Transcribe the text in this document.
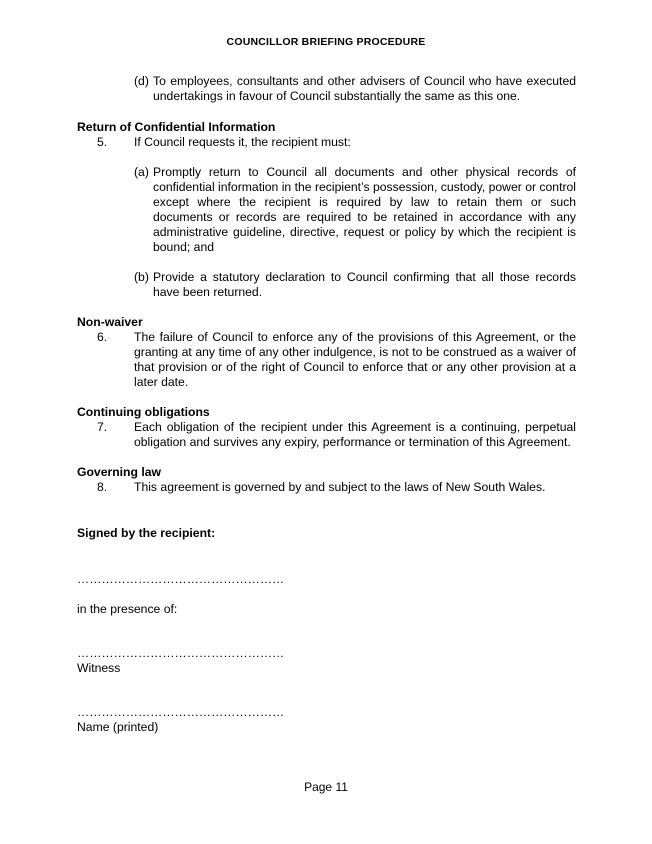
COUNCILLOR BRIEFING PROCEDURE
(d) To employees, consultants and other advisers of Council who have executed undertakings in favour of Council substantially the same as this one.
Return of Confidential Information
5.	If Council requests it, the recipient must:
(a) Promptly return to Council all documents and other physical records of confidential information in the recipient’s possession, custody, power or control except where the recipient is required by law to retain them or such documents or records are required to be retained in accordance with any administrative guideline, directive, request or policy by which the recipient is bound; and
(b) Provide a statutory declaration to Council confirming that all those records have been returned.
Non-waiver
6.	The failure of Council to enforce any of the provisions of this Agreement, or the granting at any time of any other indulgence, is not to be construed as a waiver of that provision or of the right of Council to enforce that or any other provision at a later date.
Continuing obligations
7.	Each obligation of the recipient under this Agreement is a continuing, perpetual obligation and survives any expiry, performance or termination of this Agreement.
Governing law
8.	This agreement is governed by and subject to the laws of New South Wales.
Signed by the recipient:
……………………………………………
in the presence of:
……………………………………………
Witness
……………………………………………
Name (printed)
Page 11
